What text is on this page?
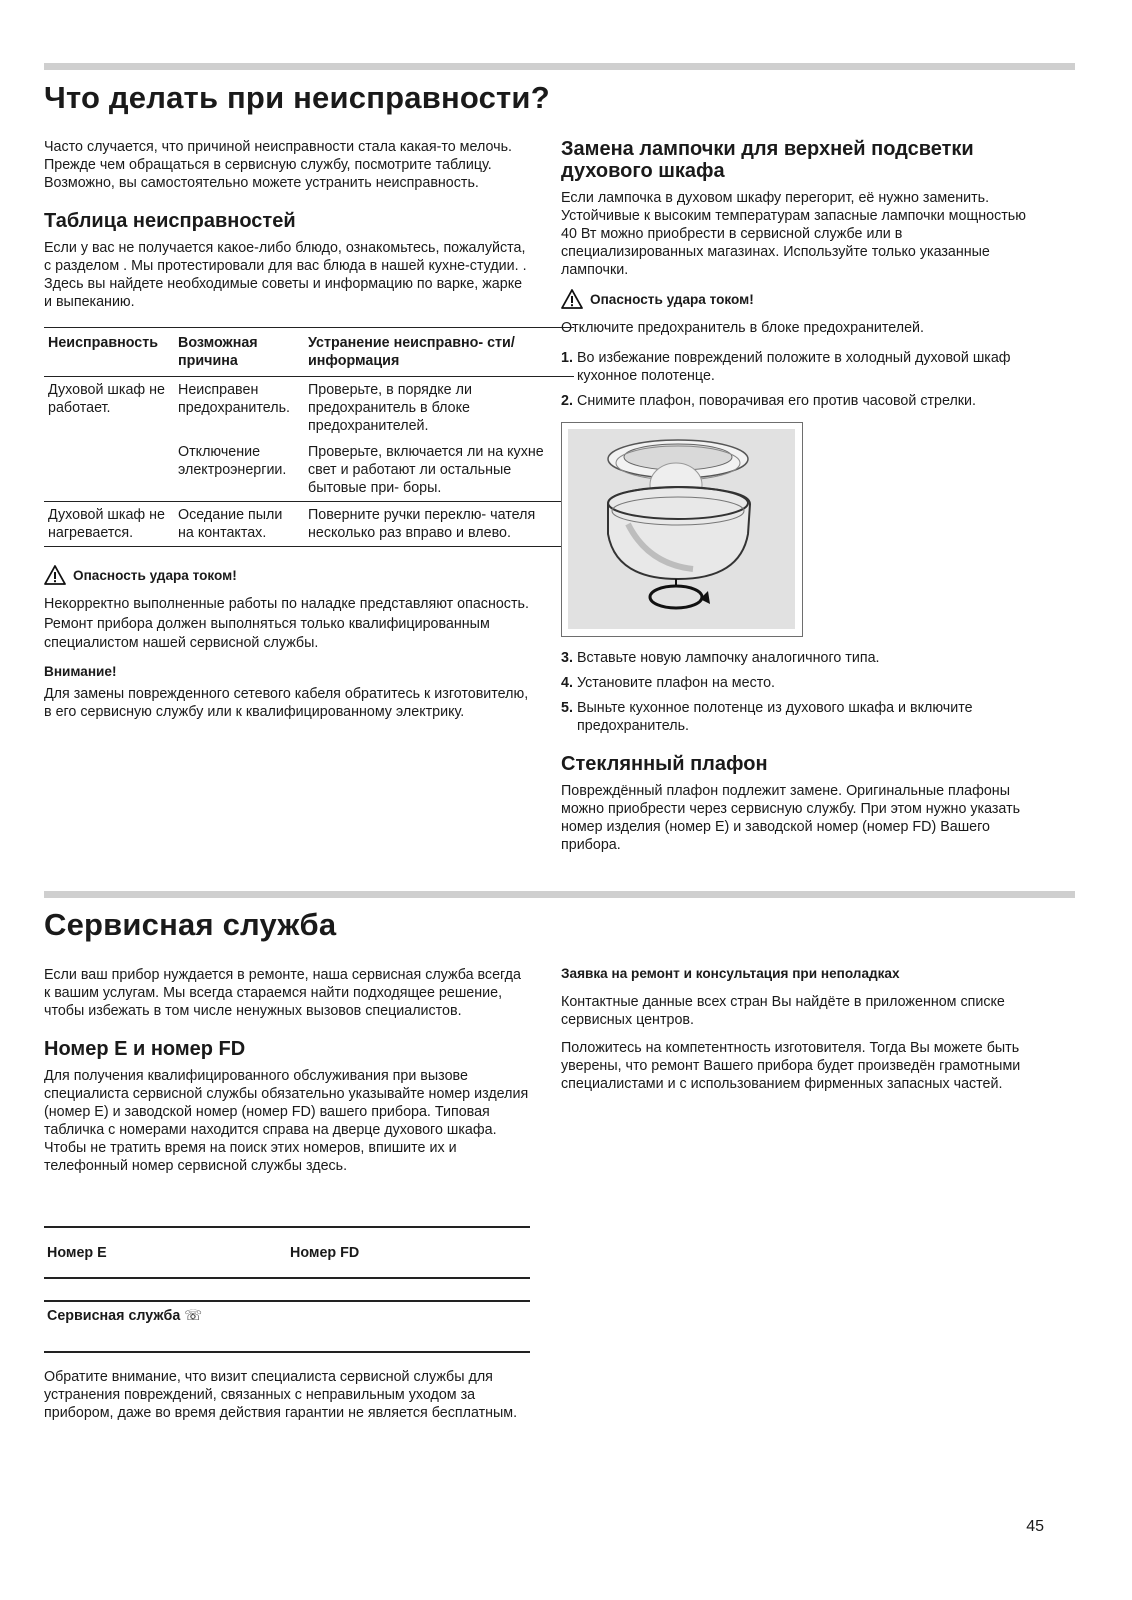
Что делать при неисправности?

Часто случается, что причиной неисправности стала какая-то мелочь. Прежде чем обращаться в сервисную службу, посмотрите таблицу. Возможно, вы самостоятельно можете устранить неисправность.

Таблица неисправностей

Если у вас не получается какое-либо блюдо, ознакомьтесь, пожалуйста, с разделом . Мы протестировали для вас блюда в нашей кухне-студии. . Здесь вы найдете необходимые советы и информацию по варке, жарке и выпеканию.

Неисправность	Возможная причина	Устранение неисправно- сти/информация
Духовой шкаф не работает.	Неисправен предохранитель.	Проверьте, в порядке ли предохранитель в блоке предохранителей.
	Отключение электроэнергии.	Проверьте, включается ли на кухне свет и работают ли остальные бытовые при- боры.
Духовой шкаф не нагревается.	Оседание пыли на контактах.	Поверните ручки переклю- чателя несколько раз вправо и влево.
Опасность удара током!

Некорректно выполненные работы по наладке представляют опасность. Ремонт прибора должен выполняться только квалифицированным специалистом нашей сервисной службы.

Внимание!

Для замены поврежденного сетевого кабеля обратитесь к изготовителю, в его сервисную службу или к квалифицированному электрику.

Замена лампочки для верхней подсветки духового шкафа

Если лампочка в духовом шкафу перегорит, её нужно заменить. Устойчивые к высоким температурам запасные лампочки мощностью 40 Вт можно приобрести в сервисной службе или в специализированных магазинах. Используйте только указанные лампочки.

Опасность удара током!

Отключите предохранитель в блоке предохранителей.

1. Во избежание повреждений положите в холодный духовой шкаф кухонное полотенце.
2. Снимите плафон, поворачивая его против часовой стрелки.
3. Вставьте новую лампочку аналогичного типа.
4. Установите плафон на место.
5. Выньте кухонное полотенце из духового шкафа и включите предохранитель.
Стеклянный плафон

Повреждённый плафон подлежит замене. Оригинальные плафоны можно приобрести через сервисную службу. При этом нужно указать номер изделия (номер E) и заводской номер (номер FD) Вашего прибора.

Сервисная служба

Если ваш прибор нуждается в ремонте, наша сервисная служба всегда к вашим услугам. Мы всегда стараемся найти подходящее решение, чтобы избежать в том числе ненужных вызовов специалистов.

Номер E и номер FD

Для получения квалифицированного обслуживания при вызове специалиста сервисной службы обязательно указывайте номер изделия (номер E) и заводской номер (номер FD) вашего прибора. Типовая табличка с номерами находится справа на дверце духового шкафа. Чтобы не тратить время на поиск этих номеров, впишите их и телефонный номер сервисной службы здесь.

Номер E	Номер FD
Сервисная служба ☏

Обратите внимание, что визит специалиста сервисной службы для устранения повреждений, связанных с неправильным уходом за прибором, даже во время действия гарантии не является бесплатным.

Заявка на ремонт и консультация при неполадках

Контактные данные всех стран Вы найдёте в приложенном списке сервисных центров.

Положитесь на компетентность изготовителя. Тогда Вы можете быть уверены, что ремонт Вашего прибора будет произведён грамотными специалистами и с использованием фирменных запасных частей.

45
